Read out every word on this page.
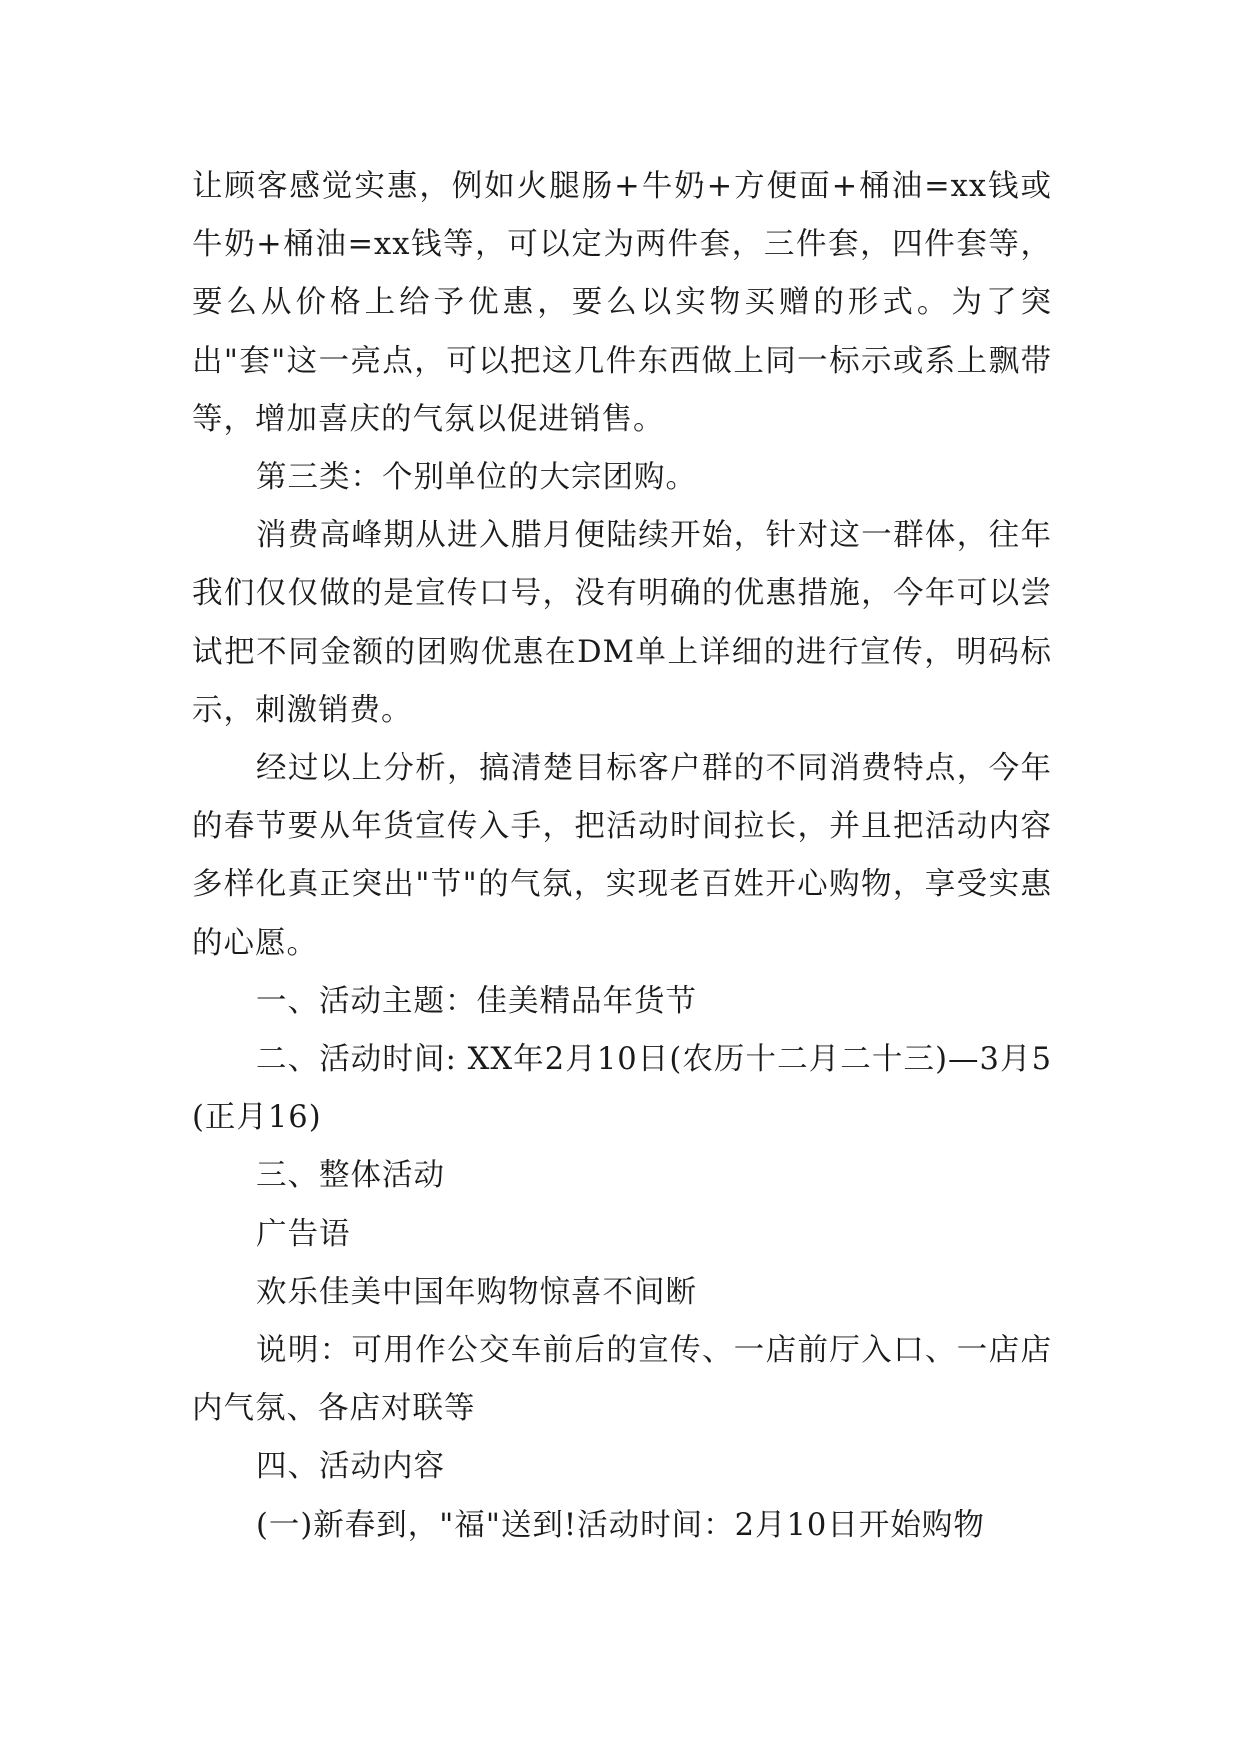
让顾客感觉实惠，例如火腿肠+牛奶+方便面+桶油=xx钱或牛奶+桶油=xx钱等，可以定为两件套，三件套，四件套等，要么从价格上给予优惠，要么以实物买赠的形式。为了突出"套"这一亮点，可以把这几件东西做上同一标示或系上飘带等，增加喜庆的气氛以促进销售。

第三类：个别单位的大宗团购。

消费高峰期从进入腊月便陆续开始，针对这一群体，往年我们仅仅做的是宣传口号，没有明确的优惠措施，今年可以尝试把不同金额的团购优惠在DM单上详细的进行宣传，明码标示，刺激销费。

经过以上分析，搞清楚目标客户群的不同消费特点，今年的春节要从年货宣传入手，把活动时间拉长，并且把活动内容多样化真正突出"节"的气氛，实现老百姓开心购物，享受实惠的心愿。

一、活动主题：佳美精品年货节

二、活动时间: XX年2月10日(农历十二月二十三)—3月5(正月16)

三、整体活动

广告语

欢乐佳美中国年购物惊喜不间断

说明：可用作公交车前后的宣传、一店前厅入口、一店店内气氛、各店对联等

四、活动内容

(一)新春到，"福"送到!活动时间：2月10日开始购物
